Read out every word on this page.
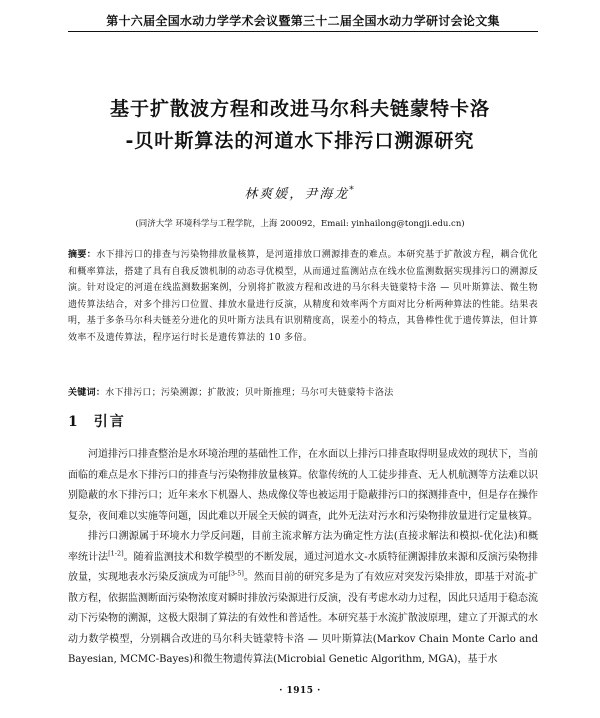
第十六届全国水动力学学术会议暨第三十二届全国水动力学研讨会论文集
基于扩散波方程和改进马尔科夫链蒙特卡洛
-贝叶斯算法的河道水下排污口溯源研究
林爽媛，尹海龙*
(同济大学 环境科学与工程学院，上海 200092，Email: yinhailong@tongji.edu.cn)
摘要：水下排污口的排查与污染物排放量核算，是河道排放口溯源排查的难点。本研究基于扩散波方程，耦合优化和概率算法，搭建了具有自我反馈机制的动态寻优模型，从而通过监测站点在线水位监测数据实现排污口的溯源反演。针对设定的河道在线监测数据案例，分别将扩散波方程和改进的马尔科夫链蒙特卡洛 — 贝叶斯算法、微生物遗传算法结合，对多个排污口位置、排放水量进行反演，从精度和效率两个方面对比分析两种算法的性能。结果表明，基于多条马尔科夫链差分进化的贝叶斯方法具有识别精度高，误差小的特点，其鲁棒性优于遗传算法，但计算效率不及遗传算法，程序运行时长是遗传算法的 10 多倍。
关键词：水下排污口；污染溯源；扩散波；贝叶斯推理；马尔可夫链蒙特卡洛法
1 引言

河道排污口排查整治是水环境治理的基础性工作，在水面以上排污口排查取得明显成效的现状下，当前面临的难点是水下排污口的排查与污染物排放量核算。依靠传统的人工徒步排查、无人机航测等方法难以识别隐蔽的水下排污口；近年来水下机器人、热成像仪等也被运用于隐蔽排污口的探测排查中，但是存在操作复杂，夜间难以实施等问题，因此难以开展全天候的调查，此外无法对污水和污染物排放量进行定量核算。

排污口溯源属于环境水力学反问题，目前主流求解方法为确定性方法(直接求解法和模拟-优化法)和概率统计法[1-2]。随着监测技术和数学模型的不断发展，通过河道水文-水质特征溯源排放来源和反演污染物排放量，实现地表水污染反演成为可能[3-5]。然而目前的研究多是为了有效应对突发污染排放，即基于对流-扩散方程，依据监测断面污染物浓度对瞬时排放污染源进行反演，没有考虑水动力过程，因此只适用于稳态流动下污染物的溯源，这极大限制了算法的有效性和普适性。本研究基于水流扩散波原理，建立了开源式的水动力数学模型，分别耦合改进的马尔科夫链蒙特卡洛 — 贝叶斯算法(Markov Chain Monte Carlo and Bayesian, MCMC-Bayes)和微生物遗传算法(Microbial Genetic Algorithm, MGA)，基于水

· 1915 ·
